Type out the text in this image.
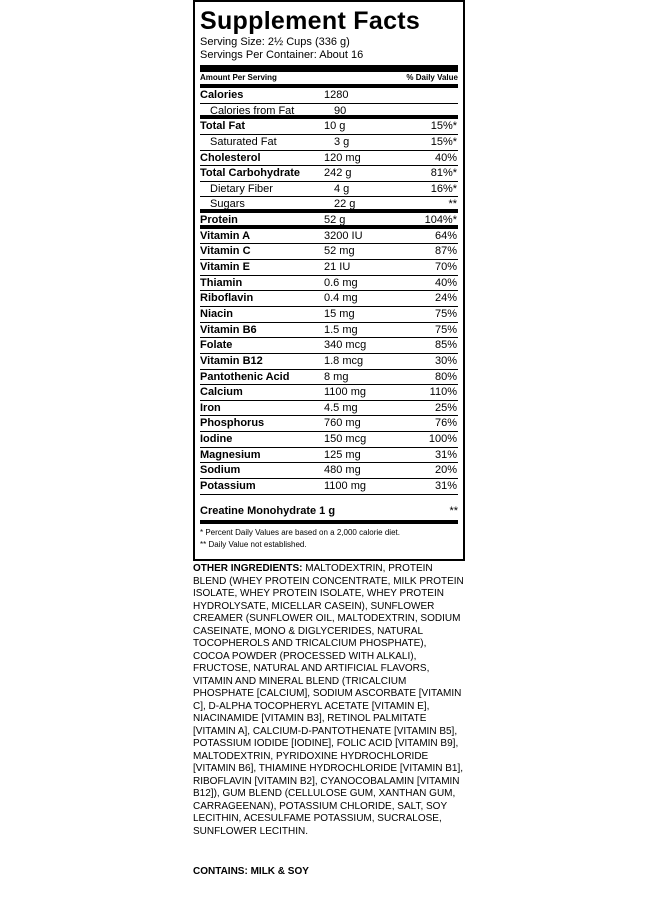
Supplement Facts
Serving Size: 2½ Cups (336 g)
Servings Per Container: About 16
Amount Per Serving	% Daily Value
Calories	1280
Calories from Fat	90
Total Fat	10 g	15%*
Saturated Fat	3 g	15%*
Cholesterol	120 mg	40%
Total Carbohydrate	242 g	81%*
Dietary Fiber	4 g	16%*
Sugars	22 g	**
Protein	52 g	104%*
Vitamin A	3200 IU	64%
Vitamin C	52 mg	87%
Vitamin E	21 IU	70%
Thiamin	0.6 mg	40%
Riboflavin	0.4 mg	24%
Niacin	15 mg	75%
Vitamin B6	1.5 mg	75%
Folate	340 mcg	85%
Vitamin B12	1.8 mcg	30%
Pantothenic Acid	8 mg	80%
Calcium	1100 mg	110%
Iron	4.5 mg	25%
Phosphorus	760 mg	76%
Iodine	150 mcg	100%
Magnesium	125 mg	31%
Sodium	480 mg	20%
Potassium	1100 mg	31%
Creatine Monohydrate 1 g	**
* Percent Daily Values are based on a 2,000 calorie diet.
** Daily Value not established.
OTHER INGREDIENTS: MALTODEXTRIN, PROTEIN BLEND (WHEY PROTEIN CONCENTRATE, MILK PROTEIN ISOLATE, WHEY PROTEIN ISOLATE, WHEY PROTEIN HYDROLYSATE, MICELLAR CASEIN), SUNFLOWER CREAMER (SUNFLOWER OIL, MALTODEXTRIN, SODIUM CASEINATE, MONO & DIGLYCERIDES, NATURAL TOCOPHEROLS AND TRICALCIUM PHOSPHATE), COCOA POWDER (PROCESSED WITH ALKALI), FRUCTOSE, NATURAL AND ARTIFICIAL FLAVORS, VITAMIN AND MINERAL BLEND (TRICALCIUM PHOSPHATE [CALCIUM], SODIUM ASCORBATE [VITAMIN C], D-ALPHA TOCOPHERYL ACETATE [VITAMIN E], NIACINAMIDE [VITAMIN B3], RETINOL PALMITATE [VITAMIN A], CALCIUM-D-PANTOTHENATE [VITAMIN B5], POTASSIUM IODIDE [IODINE], FOLIC ACID [VITAMIN B9], MALTODEXTRIN, PYRIDOXINE HYDROCHLORIDE [VITAMIN B6], THIAMINE HYDROCHLORIDE [VITAMIN B1], RIBOFLAVIN [VITAMIN B2], CYANOCOBALAMIN [VITAMIN B12]), GUM BLEND (CELLULOSE GUM, XANTHAN GUM, CARRAGEENAN), POTASSIUM CHLORIDE, SALT, SOY LECITHIN, ACESULFAME POTASSIUM, SUCRALOSE, SUNFLOWER LECITHIN.
CONTAINS: MILK & SOY
